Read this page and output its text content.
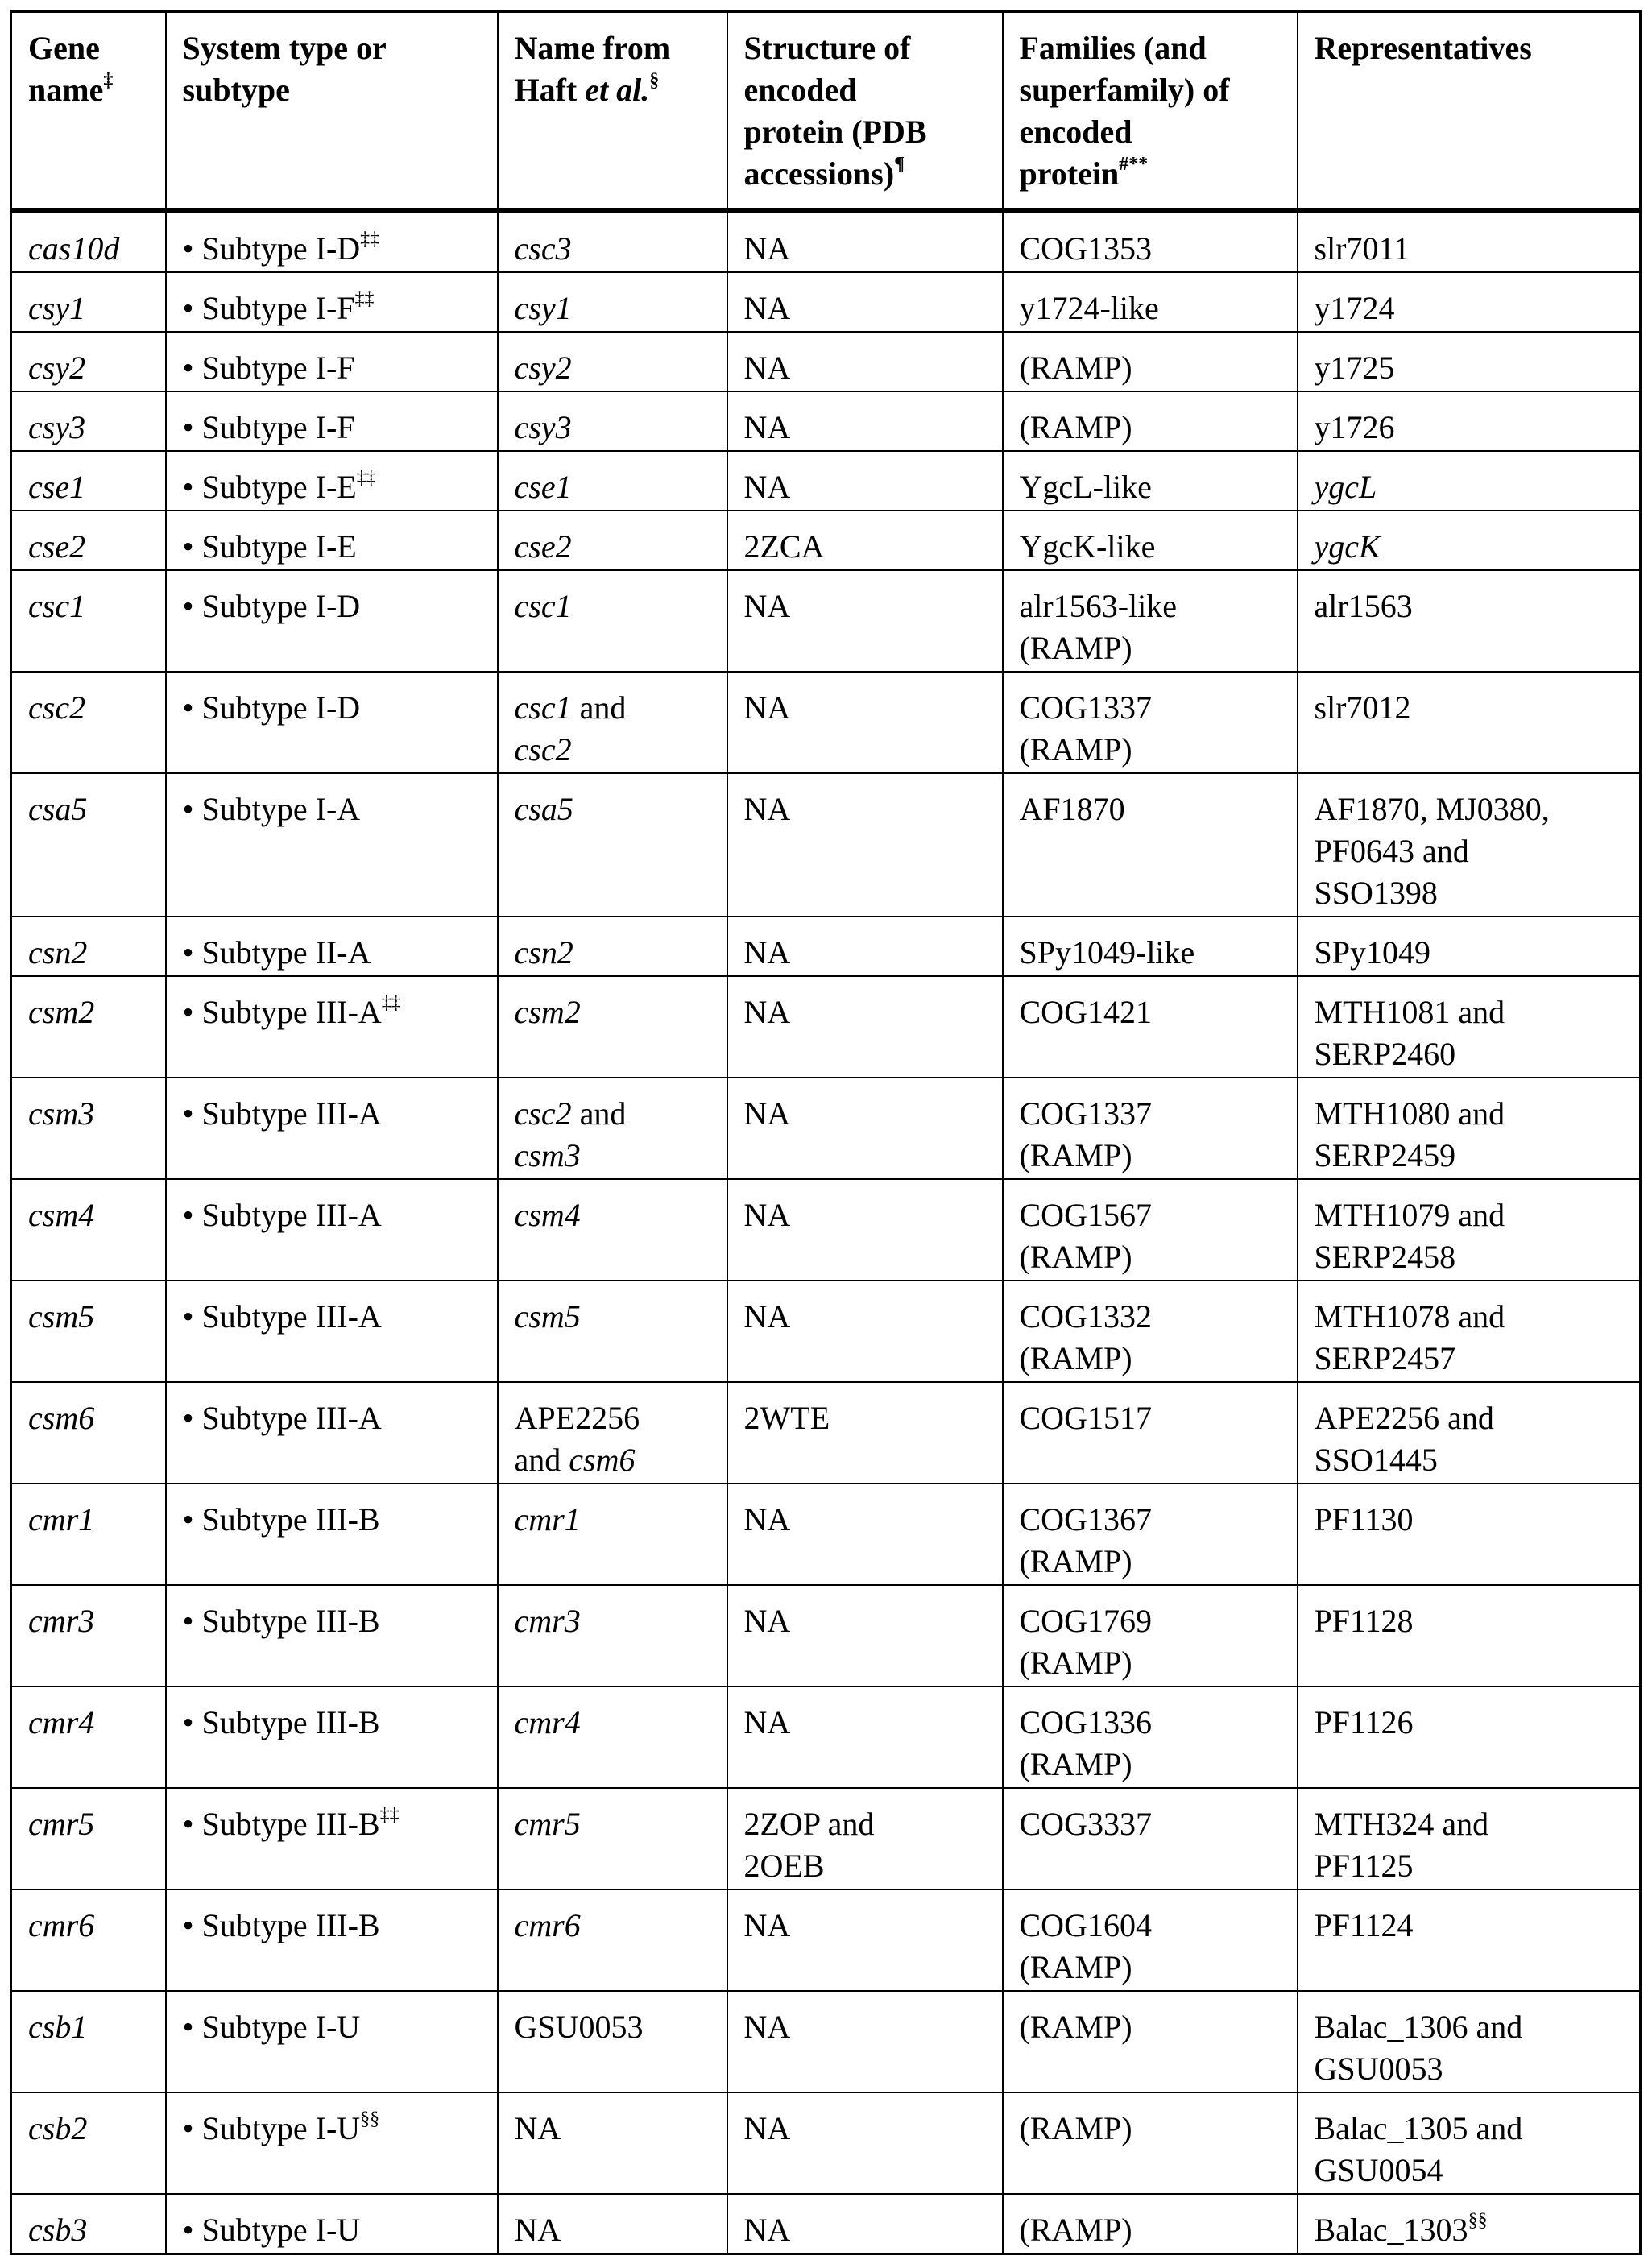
Gene
name‡	System type or
subtype	Name from
Haft et al.§	Structure of
encoded
protein (PDB
accessions)¶	Families (and
superfamily) of
encoded
protein#**	Representatives
cas10d	• Subtype I-D‡‡	csc3	NA	COG1353	slr7011
csy1	• Subtype I-F‡‡	csy1	NA	y1724-like	y1724
csy2	• Subtype I-F	csy2	NA	(RAMP)	y1725
csy3	• Subtype I-F	csy3	NA	(RAMP)	y1726
cse1	• Subtype I-E‡‡	cse1	NA	YgcL-like	ygcL
cse2	• Subtype I-E	cse2	2ZCA	YgcK-like	ygcK
csc1	• Subtype I-D	csc1	NA	alr1563-like
(RAMP)	alr1563
csc2	• Subtype I-D	csc1 and
csc2	NA	COG1337
(RAMP)	slr7012
csa5	• Subtype I-A	csa5	NA	AF1870	AF1870, MJ0380,
PF0643 and
SSO1398
csn2	• Subtype II-A	csn2	NA	SPy1049-like	SPy1049
csm2	• Subtype III-A‡‡	csm2	NA	COG1421	MTH1081 and
SERP2460
csm3	• Subtype III-A	csc2 and
csm3	NA	COG1337
(RAMP)	MTH1080 and
SERP2459
csm4	• Subtype III-A	csm4	NA	COG1567
(RAMP)	MTH1079 and
SERP2458
csm5	• Subtype III-A	csm5	NA	COG1332
(RAMP)	MTH1078 and
SERP2457
csm6	• Subtype III-A	APE2256
and csm6	2WTE	COG1517	APE2256 and
SSO1445
cmr1	• Subtype III-B	cmr1	NA	COG1367
(RAMP)	PF1130
cmr3	• Subtype III-B	cmr3	NA	COG1769
(RAMP)	PF1128
cmr4	• Subtype III-B	cmr4	NA	COG1336
(RAMP)	PF1126
cmr5	• Subtype III-B‡‡	cmr5	2ZOP and
2OEB	COG3337	MTH324 and
PF1125
cmr6	• Subtype III-B	cmr6	NA	COG1604
(RAMP)	PF1124
csb1	• Subtype I-U	GSU0053	NA	(RAMP)	Balac_1306 and
GSU0053
csb2	• Subtype I-U§§	NA	NA	(RAMP)	Balac_1305 and
GSU0054
csb3	• Subtype I-U	NA	NA	(RAMP)	Balac_1303§§
